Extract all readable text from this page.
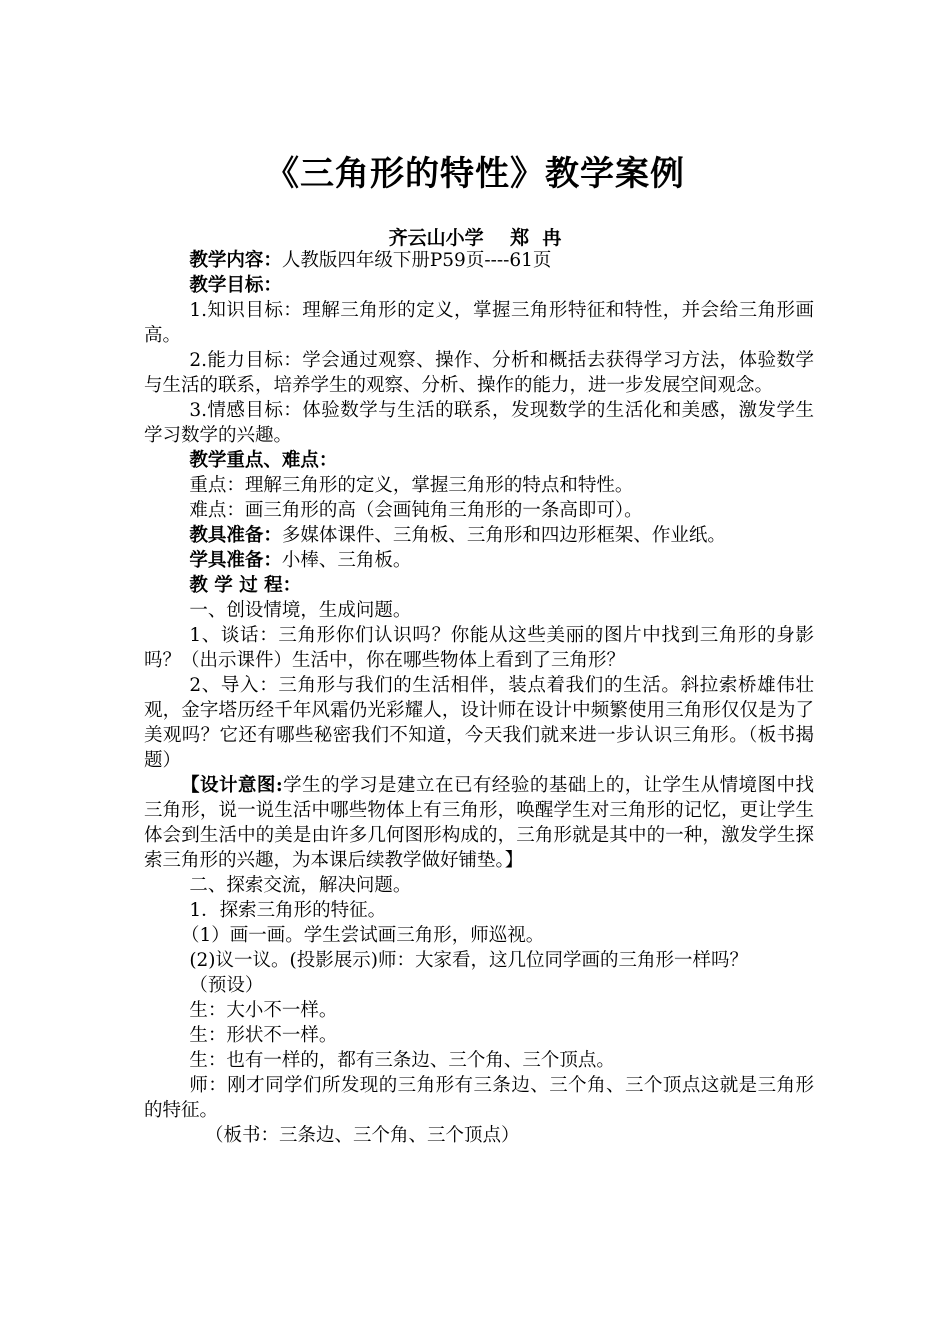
《三角形的特性》教学案例
齐云山小学    郑  冉

教学内容：人教版四年级下册P59页----61页

教学目标：

1.知识目标：理解三角形的定义，掌握三角形特征和特性，并会给三角形画高。

2.能力目标：学会通过观察、操作、分析和概括去获得学习方法，体验数学与生活的联系，培养学生的观察、分析、操作的能力，进一步发展空间观念。

3.情感目标：体验数学与生活的联系，发现数学的生活化和美感，激发学生学习数学的兴趣。

教学重点、难点：

重点：理解三角形的定义，掌握三角形的特点和特性。

难点：画三角形的高（会画钝角三角形的一条高即可）。

教具准备：多媒体课件、三角板、三角形和四边形框架、作业纸。

学具准备：小棒、三角板。

教 学 过 程：

一、创设情境，生成问题。

1、谈话：三角形你们认识吗？你能从这些美丽的图片中找到三角形的身影吗？（出示课件）生活中，你在哪些物体上看到了三角形？

2、导入：三角形与我们的生活相伴，装点着我们的生活。斜拉索桥雄伟壮观，金字塔历经千年风霜仍光彩耀人，设计师在设计中频繁使用三角形仅仅是为了美观吗？它还有哪些秘密我们不知道，今天我们就来进一步认识三角形。（板书揭题）

【设计意图:学生的学习是建立在已有经验的基础上的，让学生从情境图中找三角形，说一说生活中哪些物体上有三角形，唤醒学生对三角形的记忆，更让学生体会到生活中的美是由许多几何图形构成的，三角形就是其中的一种，激发学生探索三角形的兴趣，为本课后续教学做好铺垫。】

二、探索交流，解决问题。

1．探索三角形的特征。

（1）画一画。学生尝试画三角形，师巡视。

(2)议一议。(投影展示)师：大家看，这几位同学画的三角形一样吗？

（预设）

生：大小不一样。

生：形状不一样。

生：也有一样的，都有三条边、三个角、三个顶点。

师：刚才同学们所发现的三角形有三条边、三个角、三个顶点这就是三角形的特征。

（板书：三条边、三个角、三个顶点）
